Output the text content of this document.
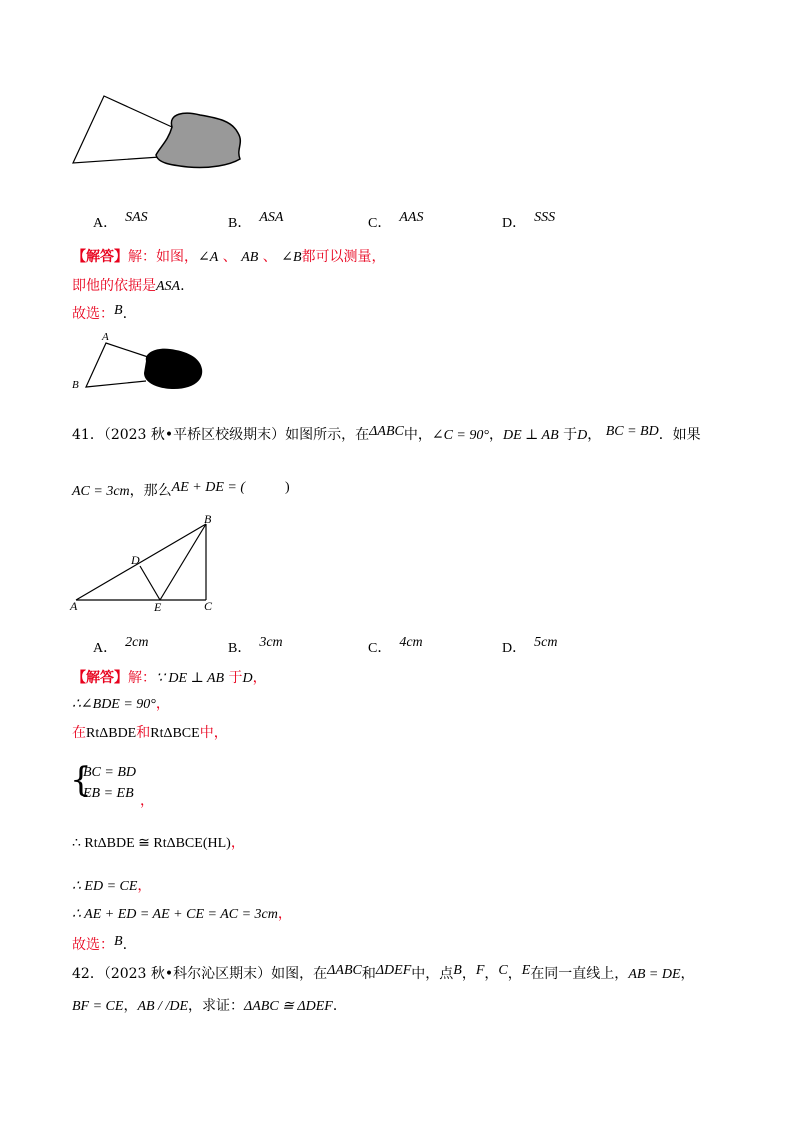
A． SAS	B． ASA	C． AAS	D． SSS
【解答】解：如图，∠A 、 AB 、 ∠B都可以测量，
即他的依据是ASA.
故选：B.
A
B
41．（2023 秋•平桥区校级期末）如图所示，在ΔABC中，∠C = 90°，DE ⊥ AB 于D， BC = BD．如果
AC = 3cm，那么AE + DE = (	)
B
D
A	E	C
A． 2cm	B． 3cm	C． 4cm	D． 5cm
【解答】解：∵ DE ⊥ AB 于D，
∴∠BDE = 90°，
在RtΔBDE和RtΔBCE中，
{
BC = BD
EB = EB ，
∴ RtΔBDE ≅ RtΔBCE(HL)，
∴ ED = CE，
∴ AE + ED = AE + CE = AC = 3cm，
故选：B.
42．（2023 秋•科尔沁区期末）如图，在ΔABC和ΔDEF中，点B，F，C，E在同一直线上，AB = DE，
BF = CE，AB / /DE，求证：ΔABC ≅ ΔDEF．
